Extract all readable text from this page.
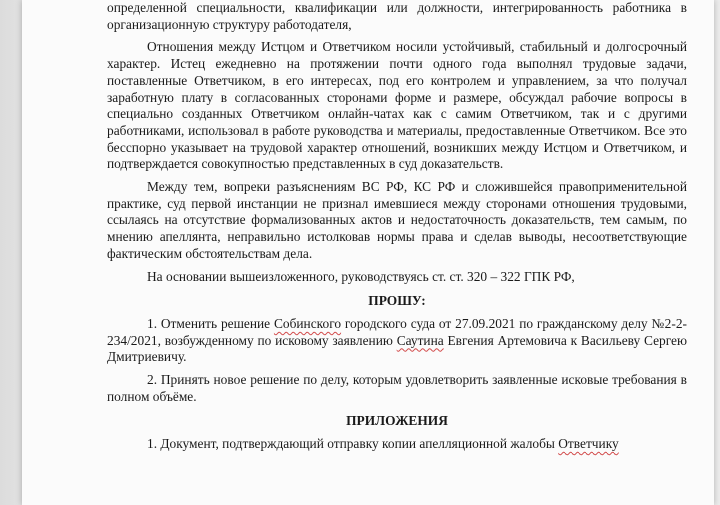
определенной специальности, квалификации или должности, интегрированность работника в организационную структуру работодателя,

Отношения между Истцом и Ответчиком носили устойчивый, стабильный и долгосрочный характер. Истец ежедневно на протяжении почти одного года выполнял трудовые задачи, поставленные Ответчиком, в его интересах, под его контролем и управлением, за что получал заработную плату в согласованных сторонами форме и размере, обсуждал рабочие вопросы в специально созданных Ответчиком онлайн-чатах как с самим Ответчиком, так и с другими работниками, использовал в работе руководства и материалы, предоставленные Ответчиком. Все это бесспорно указывает на трудовой характер отношений, возникших между Истцом и Ответчиком, и подтверждается совокупностью представленных в суд доказательств.

Между тем, вопреки разъяснениям ВС РФ, КС РФ и сложившейся правоприменительной практике, суд первой инстанции не признал имевшиеся между сторонами отношения трудовыми, ссылаясь на отсутствие формализованных актов и недостаточность доказательств, тем самым, по мнению апеллянта, неправильно истолковав нормы права и сделав выводы, несоответствующие фактическим обстоятельствам дела.

На основании вышеизложенного, руководствуясь ст. ст. 320 – 322 ГПК РФ,

ПРОШУ:

1. Отменить решение Собинского городского суда от 27.09.2021 по гражданскому делу №2-2-234/2021, возбужденному по исковому заявлению Саутина Евгения Артемовича к Васильеву Сергею Дмитриевичу.

2. Принять новое решение по делу, которым удовлетворить заявленные исковые требования в полном объёме.

ПРИЛОЖЕНИЯ

1. Документ, подтверждающий отправку копии апелляционной жалобы Ответчику
